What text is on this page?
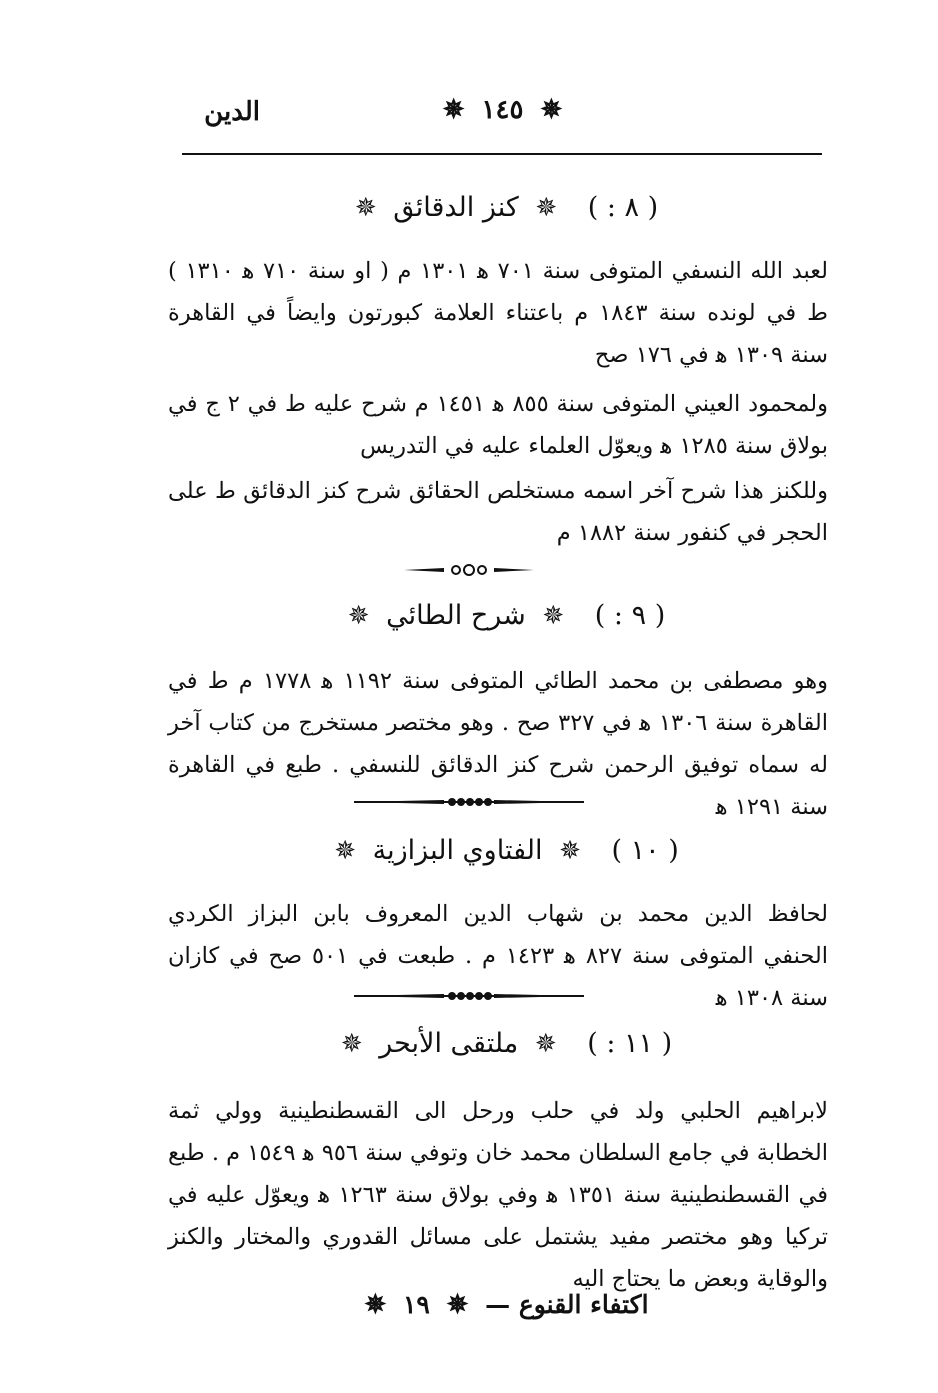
الدين	✵ ١٤٥ ✵
( ٨ : ) ✵ كنز الدقائق ✵
لعبد الله النسفي المتوفى سنة ٧٠١ ﻫ ١٣٠١ م ( او سنة ٧١٠ ﻫ ١٣١٠ ) ط في لونده سنة ١٨٤٣ م باعتناء العلامة كبورتون وايضاً في القاهرة سنة ١٣٠٩ ﻫ في ١٧٦ صح
ولمحمود العيني المتوفى سنة ٨٥٥ ﻫ ١٤٥١ م شرح عليه ط في ٢ ج في بولاق سنة ١٢٨٥ ﻫ ويعوّل العلماء عليه في التدريس
وللكنز هذا شرح آخر اسمه مستخلص الحقائق شرح كنز الدقائق ط على الحجر في كنفور سنة ١٨٨٢ م
( ٩ : ) ✵ شرح الطائي ✵
وهو مصطفى بن محمد الطائي المتوفى سنة ١١٩٢ ﻫ ١٧٧٨ م ط في القاهرة سنة ١٣٠٦ ﻫ في ٣٢٧ صح . وهو مختصر مستخرج من كتاب آخر له سماه توفيق الرحمن شرح كنز الدقائق للنسفي . طبع في القاهرة سنة ١٢٩١ ﻫ
( ١٠ ) ✵ الفتاوي البزازية ✵
لحافظ الدين محمد بن شهاب الدين المعروف بابن البزاز الكردي الحنفي المتوفى سنة ٨٢٧ ﻫ ١٤٢٣ م . طبعت في ٥٠١ صح في كازان سنة ١٣٠٨ ﻫ
( ١١ : ) ✵ ملتقى الأبحر ✵
لابراهيم الحلبي ولد في حلب ورحل الى القسطنطينية وولي ثمة الخطابة في جامع السلطان محمد خان وتوفي سنة ٩٥٦ ﻫ ١٥٤٩ م . طبع في القسطنطينية سنة ١٣٥١ ﻫ وفي بولاق سنة ١٢٦٣ ﻫ ويعوّل عليه في تركيا وهو مختصر مفيد يشتمل على مسائل القدوري والمختار والكنز والوقاية وبعض ما يحتاج اليه
اكتفاء القنوع — ✵ ١٩ ✵
